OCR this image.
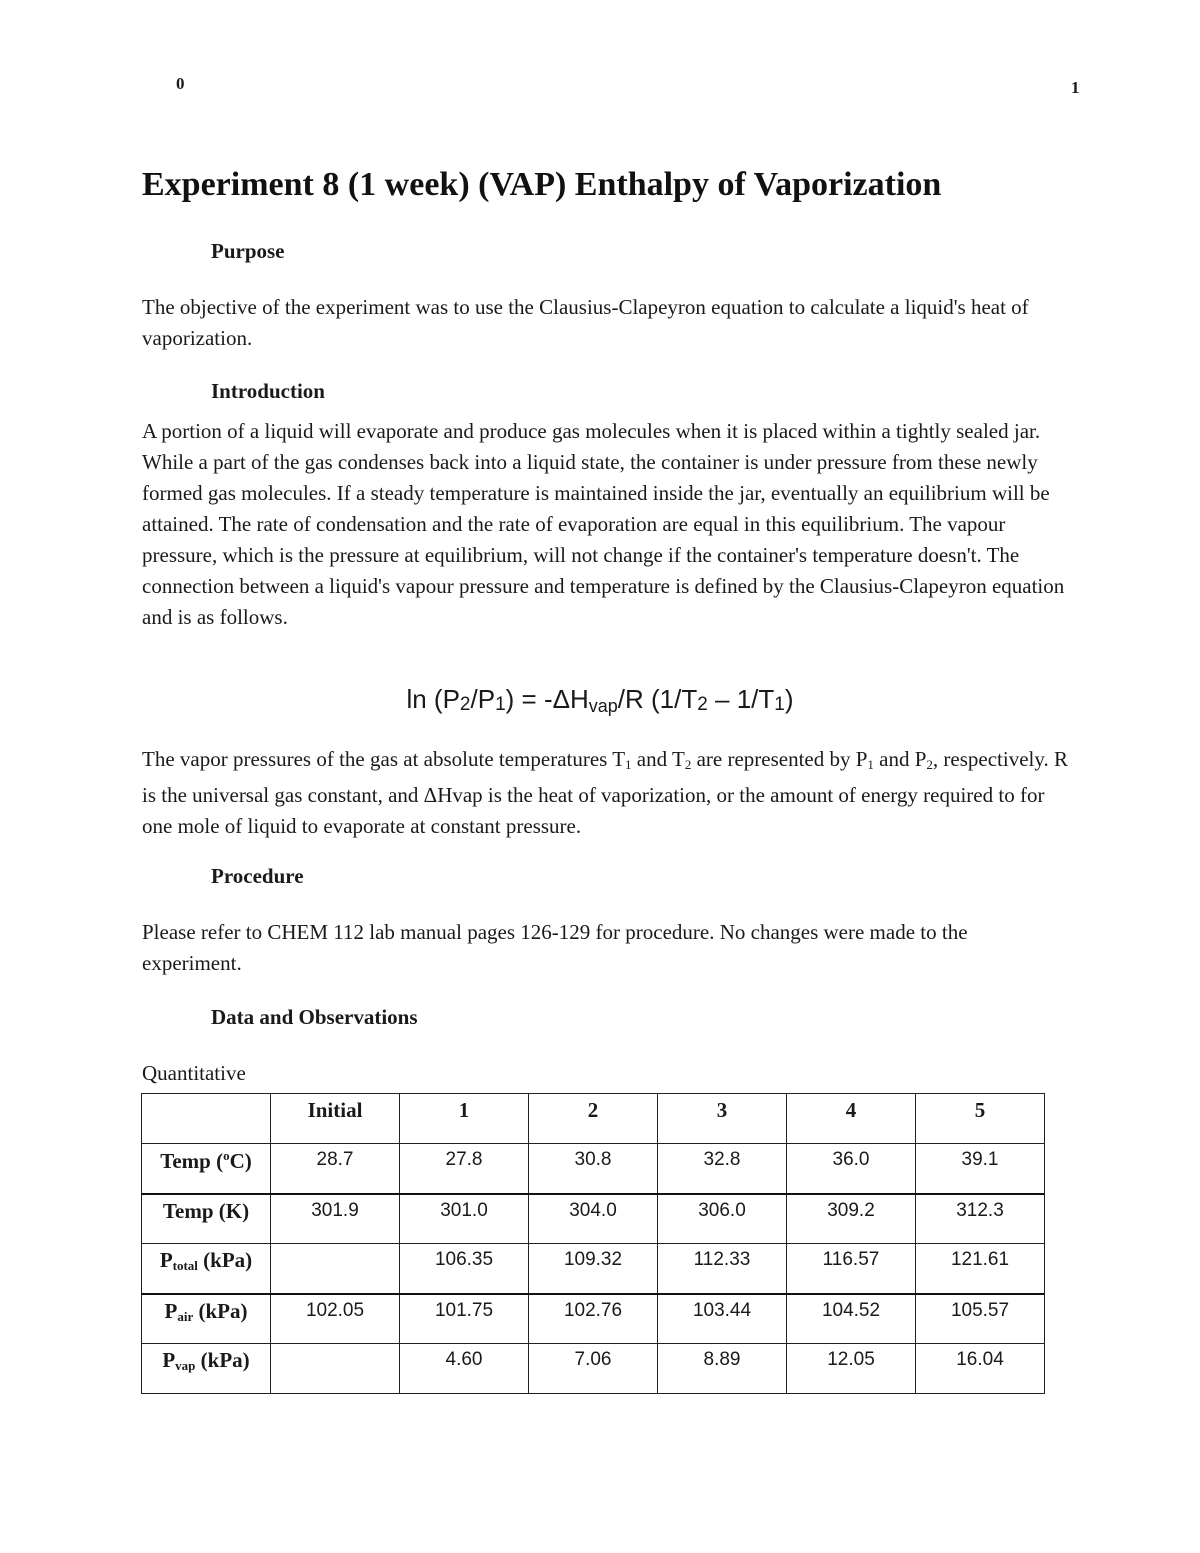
0	1
Experiment 8 (1 week) (VAP) Enthalpy of Vaporization
Purpose

The objective of the experiment was to use the Clausius-Clapeyron equation to calculate a liquid's heat of vaporization.

Introduction

A portion of a liquid will evaporate and produce gas molecules when it is placed within a tightly sealed jar. While a part of the gas condenses back into a liquid state, the container is under pressure from these newly formed gas molecules. If a steady temperature is maintained inside the jar, eventually an equilibrium will be attained. The rate of condensation and the rate of evaporation are equal in this equilibrium. The vapour pressure, which is the pressure at equilibrium, will not change if the container's temperature doesn't. The connection between a liquid's vapour pressure and temperature is defined by the Clausius-Clapeyron equation and is as follows.

ln (P2/P1) = -ΔHvap/R (1/T2 – 1/T1)

The vapor pressures of the gas at absolute temperatures $T_1$ and $T_2$ are represented by $P_1$ and $P_2$, respectively. R is the universal gas constant, and ΔHvap is the heat of vaporization, or the amount of energy required to for one mole of liquid to evaporate at constant pressure.

Procedure

Please refer to CHEM 112 lab manual pages 126-129 for procedure. No changes were made to the experiment.

Data and Observations

Quantitative

	Initial	1	2	3	4	5
Temp ($^o$C)	28.7	27.8	30.8	32.8	36.0	39.1
Temp (K)	301.9	301.0	304.0	306.0	309.2	312.3
$P_{total}$ (kPa)		106.35	109.32	112.33	116.57	121.61
$P_{air}$ (kPa)	102.05	101.75	102.76	103.44	104.52	105.57
$P_{vap}$ (kPa)		4.60	7.06	8.89	12.05	16.04
